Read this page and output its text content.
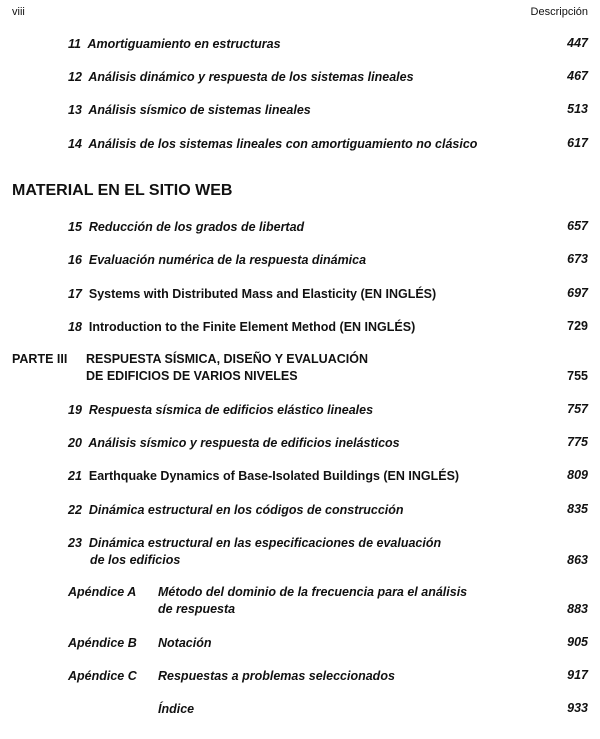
viii	Descripción
11 Amortiguamiento en estructuras	447
12 Análisis dinámico y respuesta de los sistemas lineales	467
13 Análisis sísmico de sistemas lineales	513
14 Análisis de los sistemas lineales con amortiguamiento no clásico	617
MATERIAL EN EL SITIO WEB
15 Reducción de los grados de libertad	657
16 Evaluación numérica de la respuesta dinámica	673
17 Systems with Distributed Mass and Elasticity (EN INGLÉS)	697
18 Introduction to the Finite Element Method (EN INGLÉS)	729
PARTE III RESPUESTA SÍSMICA, DISEÑO Y EVALUACIÓN
DE EDIFICIOS DE VARIOS NIVELES	755
19 Respuesta sísmica de edificios elástico lineales	757
20 Análisis sísmico y respuesta de edificios inelásticos	775
21 Earthquake Dynamics of Base-Isolated Buildings (EN INGLÉS)	809
22 Dinámica estructural en los códigos de construcción	835
23 Dinámica estructural en las especificaciones de evaluación
de los edificios	863
Apéndice A Método del dominio de la frecuencia para el análisis
de respuesta	883
Apéndice B Notación	905
Apéndice C Respuestas a problemas seleccionados	917
Índice	933
